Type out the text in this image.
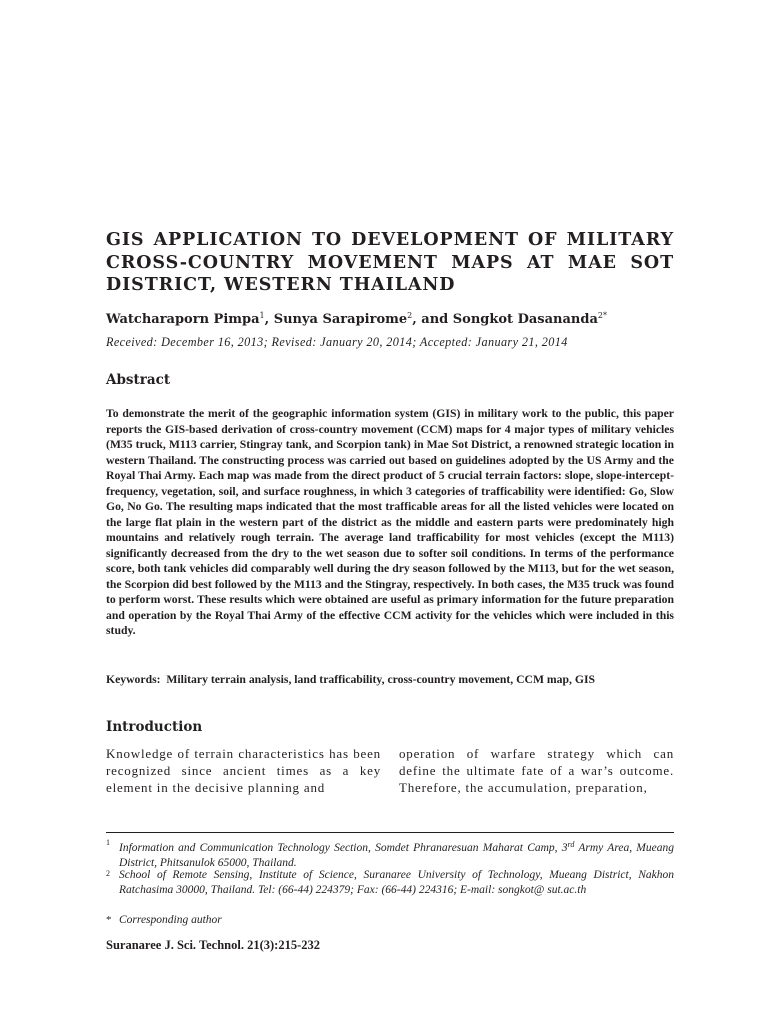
GIS APPLICATION TO DEVELOPMENT OF MILITARY CROSS-COUNTRY MOVEMENT MAPS AT MAE SOT DISTRICT, WESTERN THAILAND
Watcharaporn Pimpa$^1$, Sunya Sarapirome$^2$, and Songkot Dasananda$^{2*}$
Received: December 16, 2013; Revised: January 20, 2014; Accepted: January 21, 2014
Abstract

To demonstrate the merit of the geographic information system (GIS) in military work to the public, this paper reports the GIS-based derivation of cross-country movement (CCM) maps for 4 major types of military vehicles (M35 truck, M113 carrier, Stingray tank, and Scorpion tank) in Mae Sot District, a renowned strategic location in western Thailand. The constructing process was carried out based on guidelines adopted by the US Army and the Royal Thai Army. Each map was made from the direct product of 5 crucial terrain factors: slope, slope-intercept-frequency, vegetation, soil, and surface roughness, in which 3 categories of trafficability were identified: Go, Slow Go, No Go. The resulting maps indicated that the most trafficable areas for all the listed vehicles were located on the large flat plain in the western part of the district as the middle and eastern parts were predominately high mountains and relatively rough terrain. The average land trafficability for most vehicles (except the M113) significantly decreased from the dry to the wet season due to softer soil conditions. In terms of the performance score, both tank vehicles did comparably well during the dry season followed by the M113, but for the wet season, the Scorpion did best followed by the M113 and the Stingray, respectively. In both cases, the M35 truck was found to perform worst. These results which were obtained are useful as primary information for the future preparation and operation by the Royal Thai Army of the effective CCM activity for the vehicles which were included in this study.

Keywords: Military terrain analysis, land trafficability, cross-country movement, CCM map, GIS
Introduction

Knowledge of terrain characteristics has been recognized since ancient times as a key element in the decisive planning and

operation of warfare strategy which can define the ultimate fate of a war’s outcome. Therefore, the accumulation, preparation,

1 Information and Communication Technology Section, Somdet Phranaresuan Maharat Camp, 3rd Army Area, Mueang District, Phitsanulok 65000, Thailand.
2 School of Remote Sensing, Institute of Science, Suranaree University of Technology, Mueang District, Nakhon Ratchasima 30000, Thailand. Tel: (66-44) 224379; Fax: (66-44) 224316; E-mail: songkot@ sut.ac.th
* Corresponding author
Suranaree J. Sci. Technol. 21(3):215-232
